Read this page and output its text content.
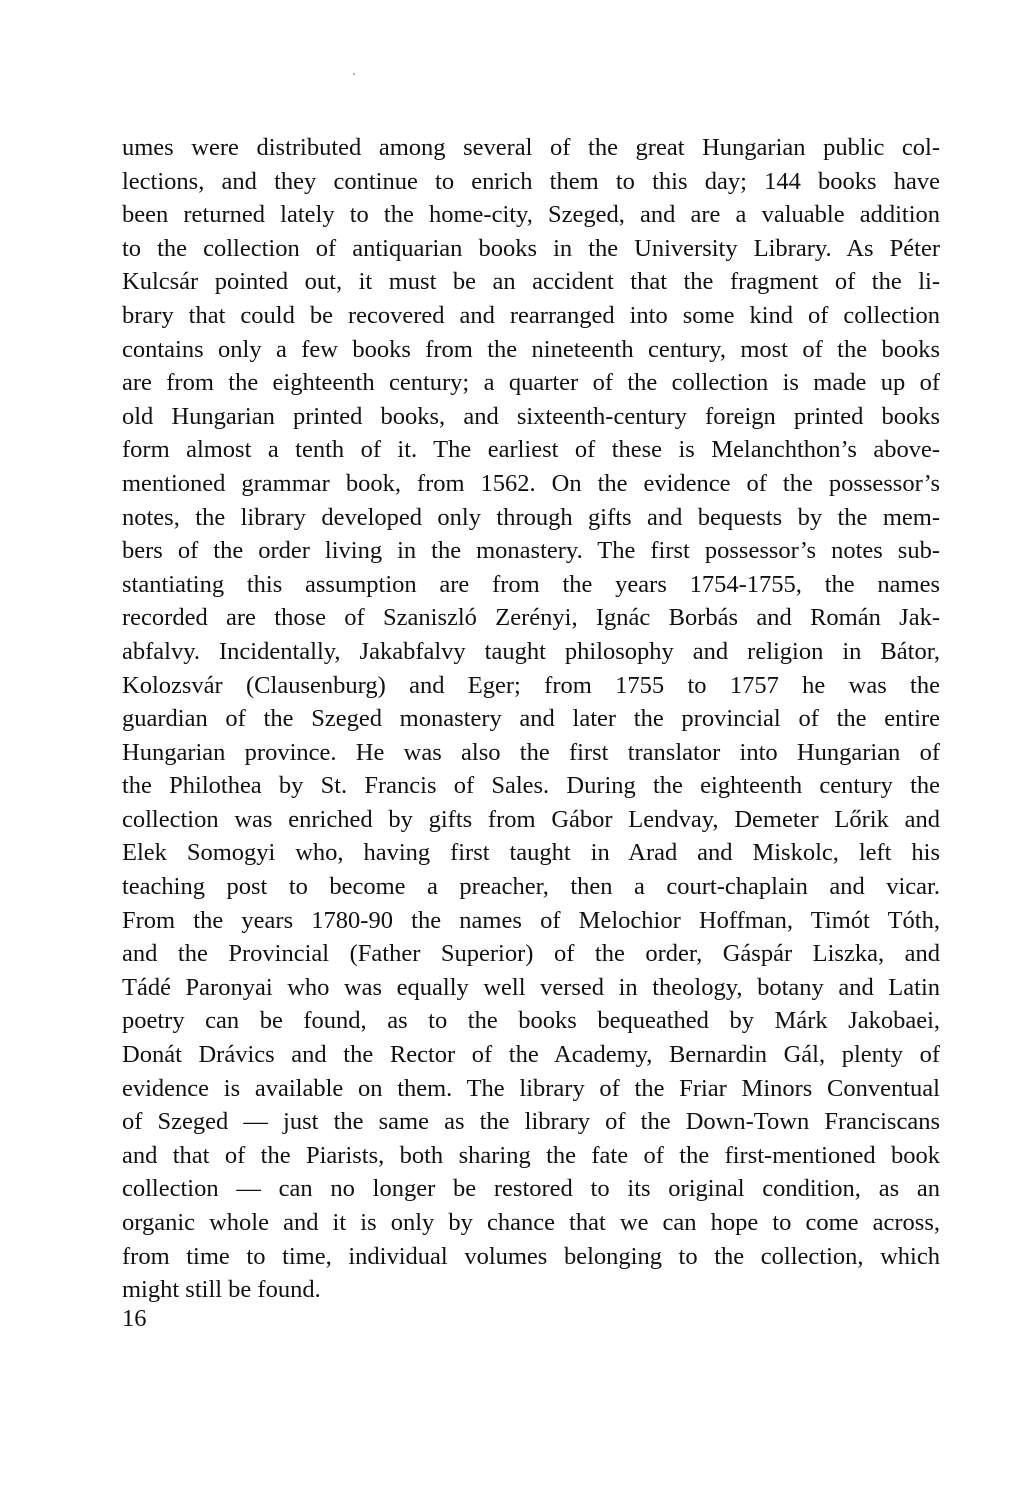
umes were distributed among several of the great Hungarian public col-
lections, and they continue to enrich them to this day; 144 books have
been returned lately to the home-city, Szeged, and are a valuable addition
to the collection of antiquarian books in the University Library. As Péter
Kulcsár pointed out, it must be an accident that the fragment of the li-
brary that could be recovered and rearranged into some kind of collection
contains only a few books from the nineteenth century, most of the books
are from the eighteenth century; a quarter of the collection is made up of
old Hungarian printed books, and sixteenth-century foreign printed books
form almost a tenth of it. The earliest of these is Melanchthon’s above-
mentioned grammar book, from 1562. On the evidence of the possessor’s
notes, the library developed only through gifts and bequests by the mem-
bers of the order living in the monastery. The first possessor’s notes sub-
stantiating this assumption are from the years 1754-1755, the names
recorded are those of Szaniszló Zerényi, Ignác Borbás and Román Jak-
abfalvy. Incidentally, Jakabfalvy taught philosophy and religion in Bátor,
Kolozsvár (Clausenburg) and Eger; from 1755 to 1757 he was the
guardian of the Szeged monastery and later the provincial of the entire
Hungarian province. He was also the first translator into Hungarian of
the Philothea by St. Francis of Sales. During the eighteenth century the
collection was enriched by gifts from Gábor Lendvay, Demeter Lőrik and
Elek Somogyi who, having first taught in Arad and Miskolc, left his
teaching post to become a preacher, then a court-chaplain and vicar.
From the years 1780-90 the names of Melochior Hoffman, Timót Tóth,
and the Provincial (Father Superior) of the order, Gáspár Liszka, and
Tádé Paronyai who was equally well versed in theology, botany and Latin
poetry can be found, as to the books bequeathed by Márk Jakobaei,
Donát Drávics and the Rector of the Academy, Bernardin Gál, plenty of
evidence is available on them. The library of the Friar Minors Conventual
of Szeged — just the same as the library of the Down-Town Franciscans
and that of the Piarists, both sharing the fate of the first-mentioned book
collection — can no longer be restored to its original condition, as an
organic whole and it is only by chance that we can hope to come across,
from time to time, individual volumes belonging to the collection, which
might still be found.
16
